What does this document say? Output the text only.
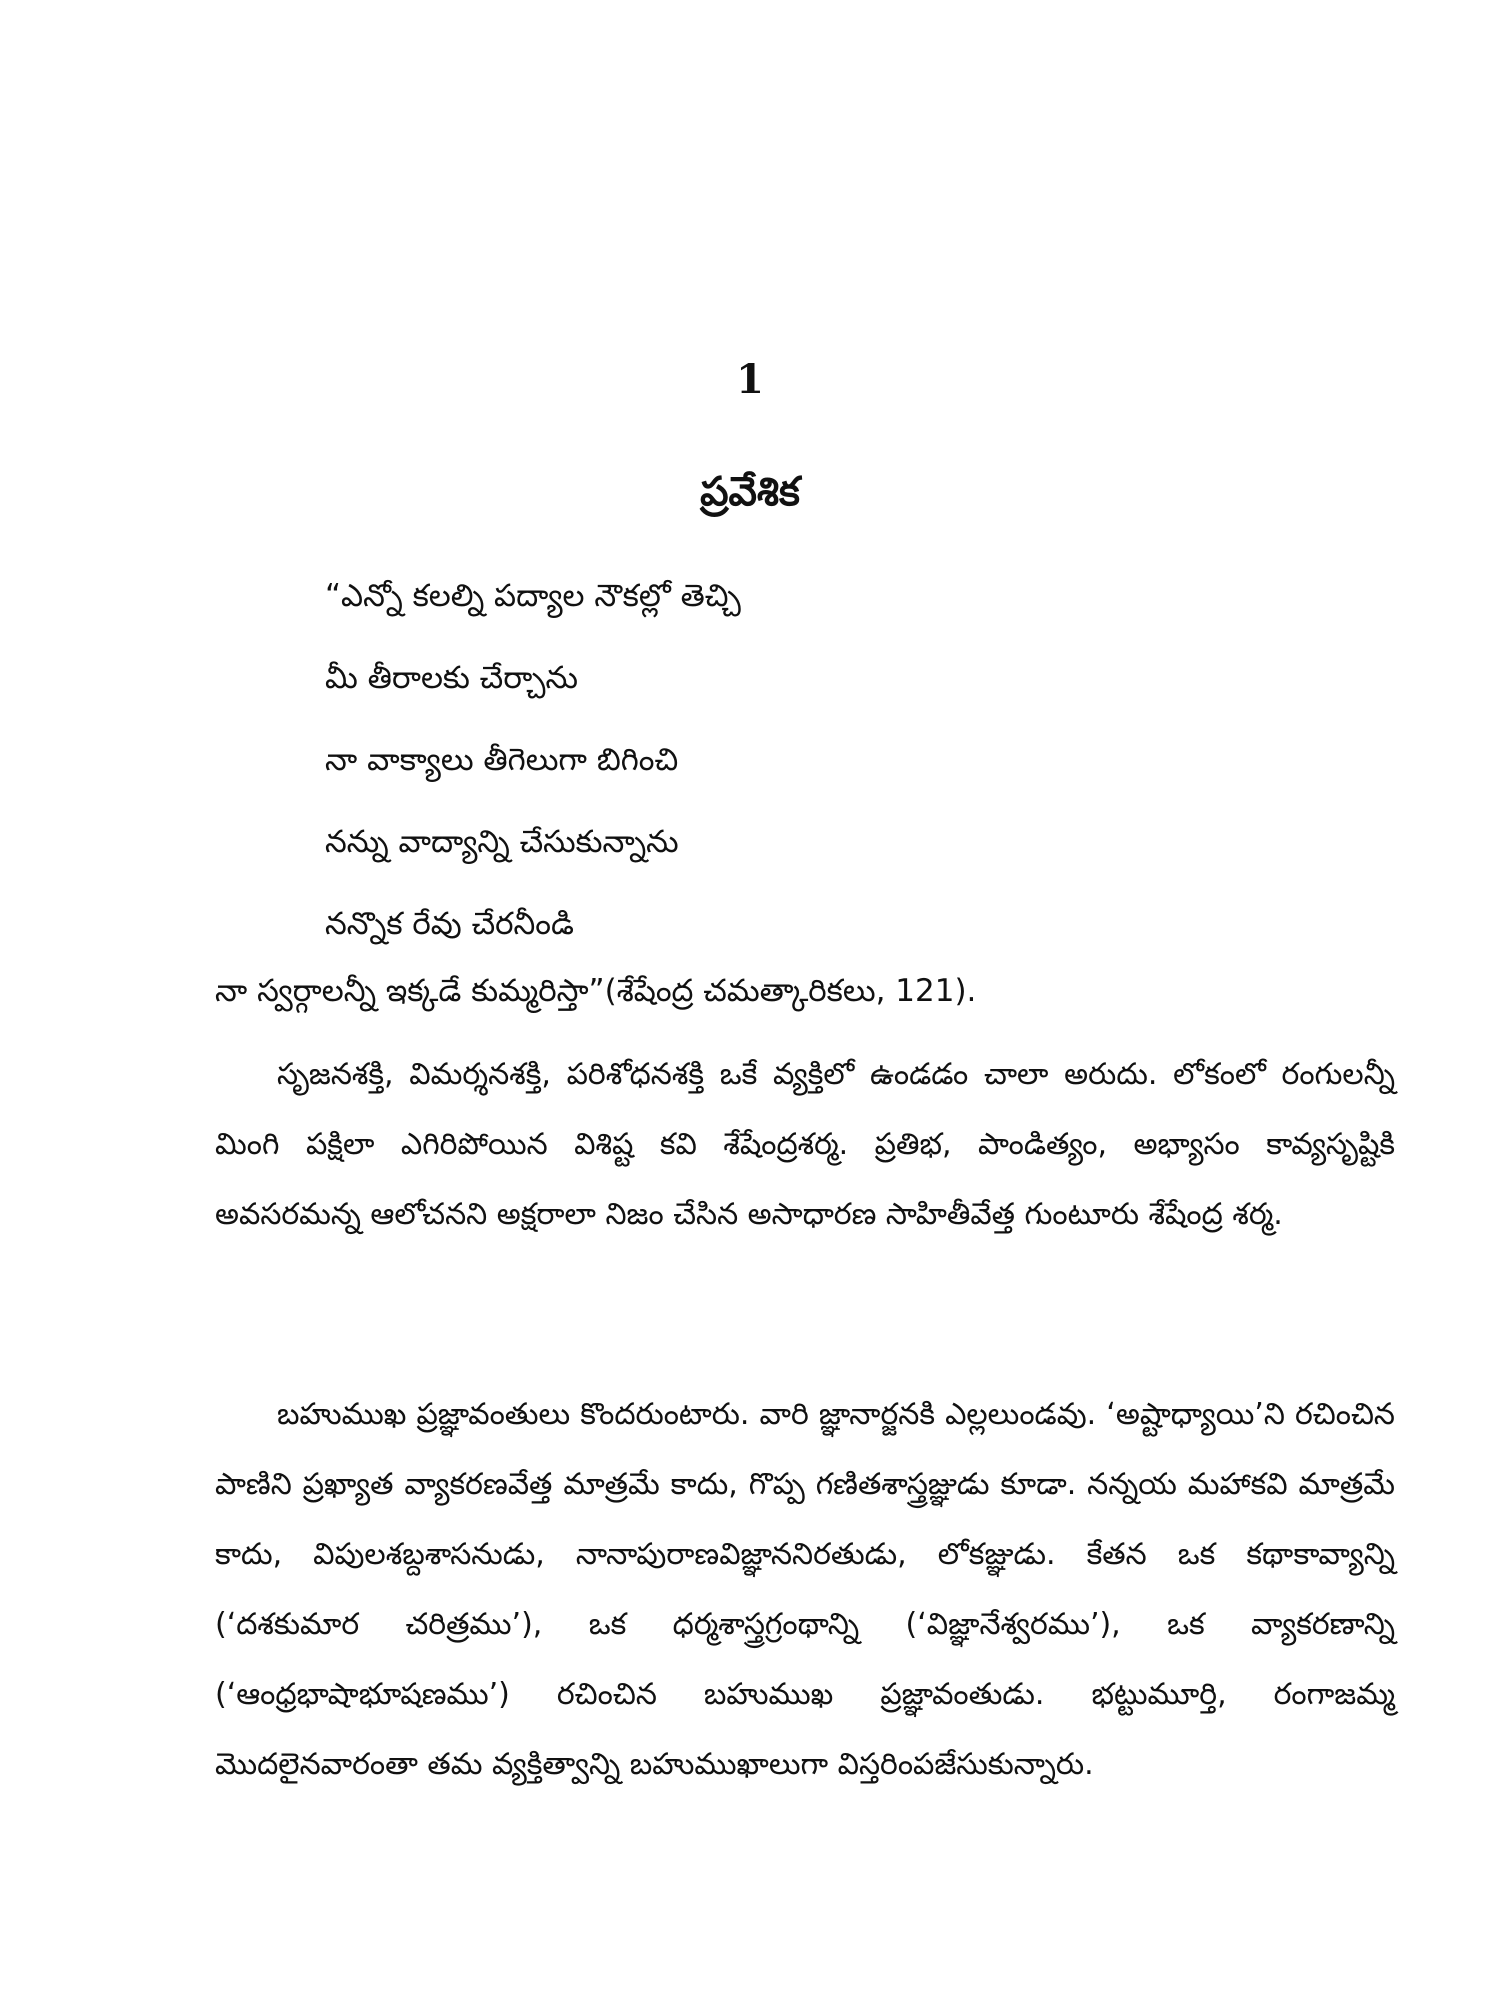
1
ప్రవేశిక
“ఎన్నో కలల్ని పద్యాల నౌకల్లో తెచ్చి
మీ తీరాలకు చేర్చాను
నా వాక్యాలు తీగెలుగా బిగించి
నన్ను వాద్యాన్ని చేసుకున్నాను
నన్నొక రేవు చేరనీండి
నా స్వర్గాలన్నీ ఇక్కడే కుమ్మరిస్తా”(శేషేంద్ర చమత్కారికలు, 121).
సృజనశక్తి, విమర్శనశక్తి, పరిశోధనశక్తి ఒకే వ్యక్తిలో ఉండడం చాలా అరుదు. లోకంలో రంగులన్నీ మింగి పక్షిలా ఎగిరిపోయిన విశిష్ట కవి శేషేంద్రశర్మ. ప్రతిభ, పాండిత్యం, అభ్యాసం కావ్యసృష్టికి అవసరమన్న ఆలోచనని అక్షరాలా నిజం చేసిన అసాధారణ సాహితీవేత్త గుంటూరు శేషేంద్ర శర్మ.
బహుముఖ ప్రజ్ఞావంతులు కొందరుంటారు. వారి జ్ఞానార్జనకి ఎల్లలుండవు. ‘అష్టాధ్యాయి’ని రచించిన పాణిని ప్రఖ్యాత వ్యాకరణవేత్త మాత్రమే కాదు, గొప్ప గణితశాస్త్రజ్ఞుడు కూడా. నన్నయ మహాకవి మాత్రమే కాదు, విపులశబ్దశాసనుడు, నానాపురాణవిజ్ఞాననిరతుడు, లోకజ్ఞుడు. కేతన ఒక కథాకావ్యాన్ని (‘దశకుమార చరిత్రము’), ఒక ధర్మశాస్త్రగ్రంథాన్ని (‘విజ్ఞానేశ్వరము’), ఒక వ్యాకరణాన్ని (‘ఆంధ్రభాషాభూషణము’) రచించిన బహుముఖ ప్రజ్ఞావంతుడు. భట్టుమూర్తి, రంగాజమ్మ మొదలైనవారంతా తమ వ్యక్తిత్వాన్ని బహుముఖాలుగా విస్తరింపజేసుకున్నారు.
